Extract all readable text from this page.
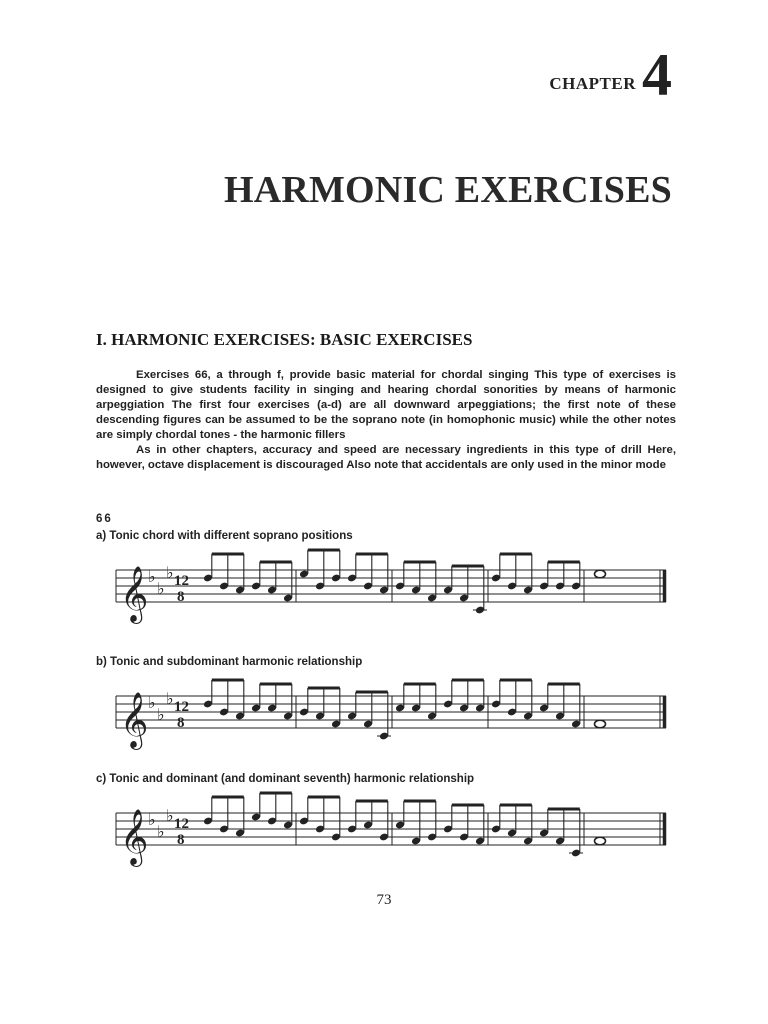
CHAPTER 4
HARMONIC EXERCISES
I. HARMONIC EXERCISES: BASIC EXERCISES

Exercises 66, a through f, provide basic material for chordal singing This type of exercises is designed to give students facility in singing and hearing chordal sonorities by means of harmonic arpeggiation The first four exercises (a-d) are all downward arpeggiations; the first note of these descending figures can be assumed to be the soprano note (in homophonic music) while the other notes are simply chordal tones - the harmonic fillers

As in other chapters, accuracy and speed are necessary ingredients in this type of drill Here, however, octave displacement is discouraged Also note that accidentals are only used in the minor mode

66
a) Tonic chord with different soprano positions
𝄞 ♭
♭
♭ 12
8
b) Tonic and subdominant harmonic relationship
𝄞 ♭
♭
♭ 12
8
c) Tonic and dominant (and dominant seventh) harmonic relationship
𝄞 ♭
♭
♭ 12
8
73
